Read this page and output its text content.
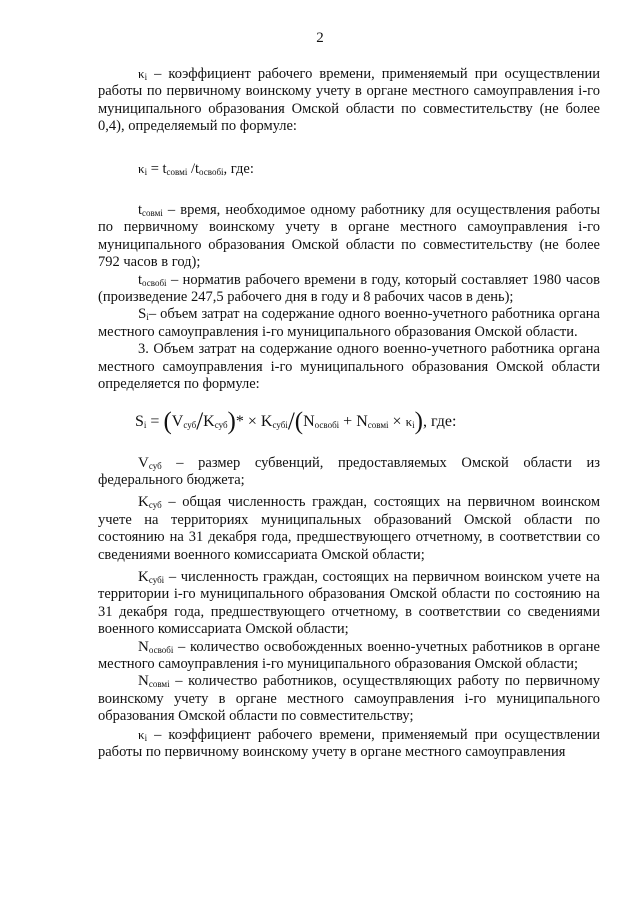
2

$\kappa_i$ – коэффициент рабочего времени, применяемый при осуществлении работы по первичному воинскому учету в органе местного самоуправления i-го муниципального образования Омской области по совместительству (не более 0,4), определяемый по формуле:

$\kappa_i = t_{совмi}$ $/t_{освобi}$, где:

$t_{совмi}$ – время, необходимое одному работнику для осуществления работы по первичному воинскому учету в органе местного самоуправления i-го муниципального образования Омской области по совместительству (не более 792 часов в год);

$t_{освобi}$ – норматив рабочего времени в году, который составляет 1980 часов (произведение 247,5 рабочего дня в году и 8 рабочих часов в день);

$S_i-$ объем затрат на содержание одного военно-учетного работника органа местного самоуправления i-го муниципального образования Омской области.

3. Объем затрат на содержание одного военно-учетного работника органа местного самоуправления i-го муниципального образования Омской области определяется по формуле:

$S_i = (V_{суб}/K_{суб})* \times K_{субi}/(N_{освобi} + N_{совмi} \times \kappa_i)$, где:

$V_{суб}$ – размер субвенций, предоставляемых Омской области из федерального бюджета;

$K_{суб}$ – общая численность граждан, состоящих на первичном воинском учете на территориях муниципальных образований Омской области по состоянию на 31 декабря года, предшествующего отчетному, в соответствии со сведениями военного комиссариата Омской области;

$K_{субi}$ – численность граждан, состоящих на первичном воинском учете на территории i-го муниципального образования Омской области по состоянию на 31 декабря года, предшествующего отчетному, в соответствии со сведениями военного комиссариата Омской области;

$N_{освобi}$ – количество освобожденных военно-учетных работников в органе местного самоуправления i-го муниципального образования Омской области;

$N_{совмi}$ – количество работников, осуществляющих работу по первичному воинскому учету в органе местного самоуправления i-го муниципального образования Омской области по совместительству;

$\kappa_i$ – коэффициент рабочего времени, применяемый при осуществлении работы по первичному воинскому учету в органе местного самоуправления
